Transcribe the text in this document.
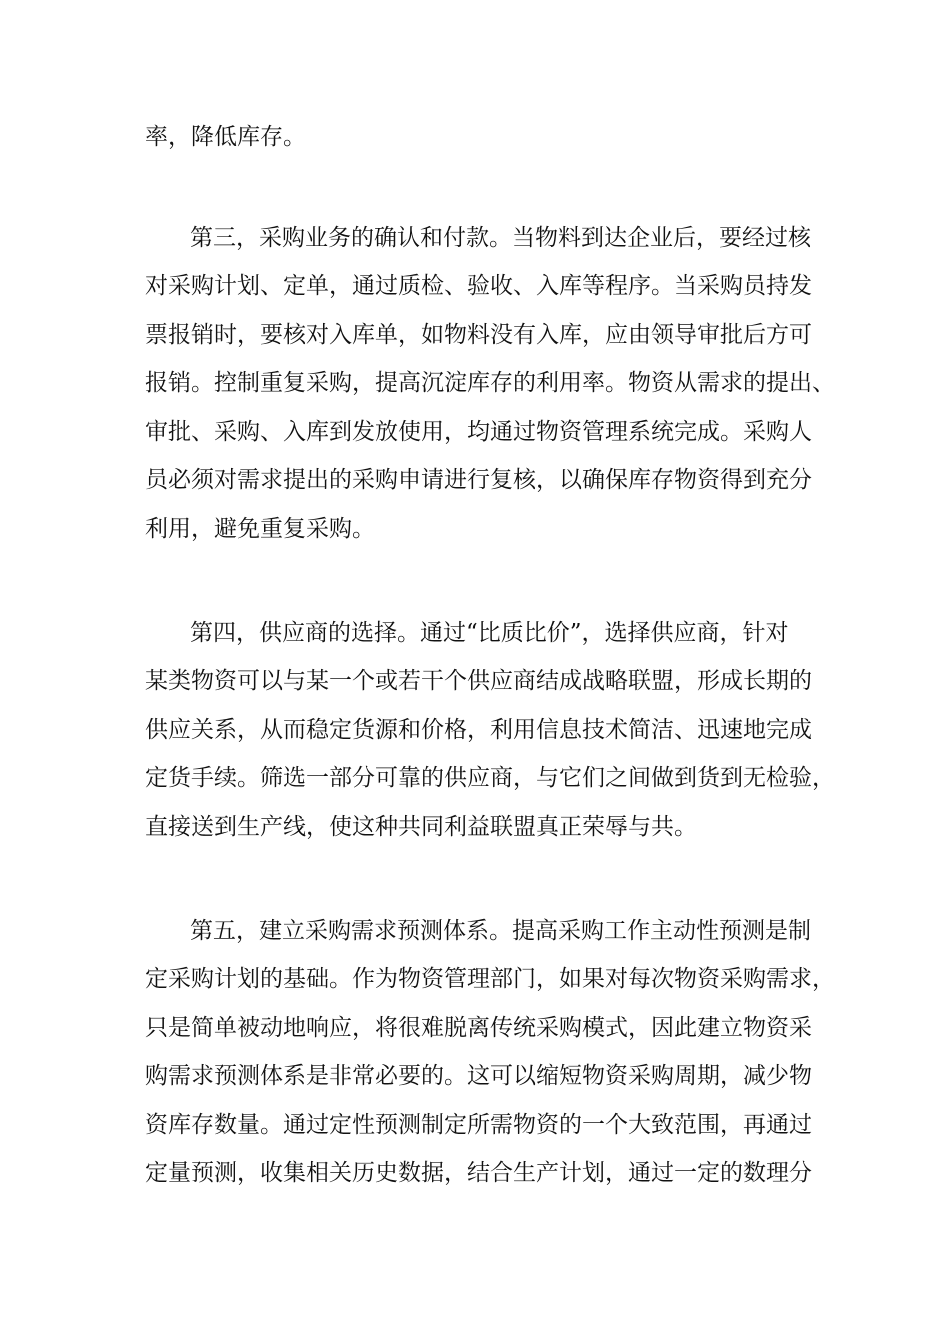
率，降低库存。

第三，采购业务的确认和付款。当物料到达企业后，要经过核

对采购计划、定单，通过质检、验收、入库等程序。当采购员持发

票报销时，要核对入库单，如物料没有入库，应由领导审批后方可

报销。控制重复采购，提高沉淀库存的利用率。物资从需求的提出、

审批、采购、入库到发放使用，均通过物资管理系统完成。采购人

员必须对需求提出的采购申请进行复核，以确保库存物资得到充分

利用，避免重复采购。

第四，供应商的选择。通过“比质比价”，选择供应商，针对

某类物资可以与某一个或若干个供应商结成战略联盟，形成长期的

供应关系，从而稳定货源和价格，利用信息技术简洁、迅速地完成

定货手续。筛选一部分可靠的供应商，与它们之间做到货到无检验，

直接送到生产线，使这种共同利益联盟真正荣辱与共。

第五，建立采购需求预测体系。提高采购工作主动性预测是制

定采购计划的基础。作为物资管理部门，如果对每次物资采购需求，

只是简单被动地响应，将很难脱离传统采购模式，因此建立物资采

购需求预测体系是非常必要的。这可以缩短物资采购周期，减少物

资库存数量。通过定性预测制定所需物资的一个大致范围，再通过

定量预测，收集相关历史数据，结合生产计划，通过一定的数理分
